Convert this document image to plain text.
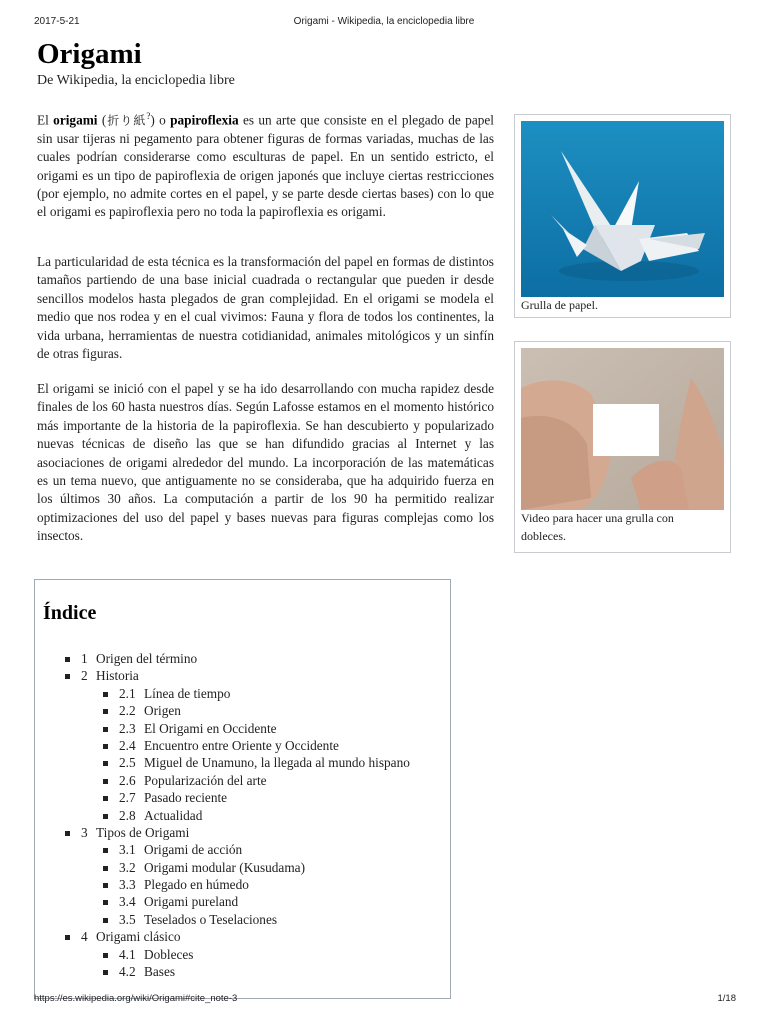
2017-5-21	Origami - Wikipedia, la enciclopedia libre
Origami
De Wikipedia, la enciclopedia libre

El origami (折り紙?) o papiroflexia es un arte que consiste en el plegado de papel sin usar tijeras ni pegamento para obtener figuras de formas variadas, muchas de las cuales podrían considerarse como esculturas de papel. En un sentido estricto, el origami es un tipo de papiroflexia de origen japonés que incluye ciertas restricciones (por ejemplo, no admite cortes en el papel, y se parte desde ciertas bases) con lo que el origami es papiroflexia pero no toda la papiroflexia es origami.

La particularidad de esta técnica es la transformación del papel en formas de distintos tamaños partiendo de una base inicial cuadrada o rectangular que pueden ir desde sencillos modelos hasta plegados de gran complejidad. En el origami se modela el medio que nos rodea y en el cual vivimos: Fauna y flora de todos los continentes, la vida urbana, herramientas de nuestra cotidianidad, animales mitológicos y un sinfín de otras figuras.

El origami se inició con el papel y se ha ido desarrollando con mucha rapidez desde finales de los 60 hasta nuestros días. Según Lafosse estamos en el momento histórico más importante de la historia de la papiroflexia. Se han descubierto y popularizado nuevas técnicas de diseño las que se han difundido gracias al Internet y las asociaciones de origami alrededor del mundo. La incorporación de las matemáticas es un tema nuevo, que antiguamente no se consideraba, que ha adquirido fuerza en los últimos 30 años. La computación a partir de los 90 ha permitido realizar optimizaciones del uso del papel y bases nuevas para figuras complejas como los insectos.

Grulla de papel.
Video para hacer una grulla con dobleces.
Índice
1 Origen del término
2 Historia
2.1 Línea de tiempo
2.2 Origen
2.3 El Origami en Occidente
2.4 Encuentro entre Oriente y Occidente
2.5 Miguel de Unamuno, la llegada al mundo hispano
2.6 Popularización del arte
2.7 Pasado reciente
2.8 Actualidad
3 Tipos de Origami
3.1 Origami de acción
3.2 Origami modular (Kusudama)
3.3 Plegado en húmedo
3.4 Origami pureland
3.5 Teselados o Teselaciones
4 Origami clásico
4.1 Dobleces
4.2 Bases
https://es.wikipedia.org/wiki/Origami#cite_note-3	1/18
